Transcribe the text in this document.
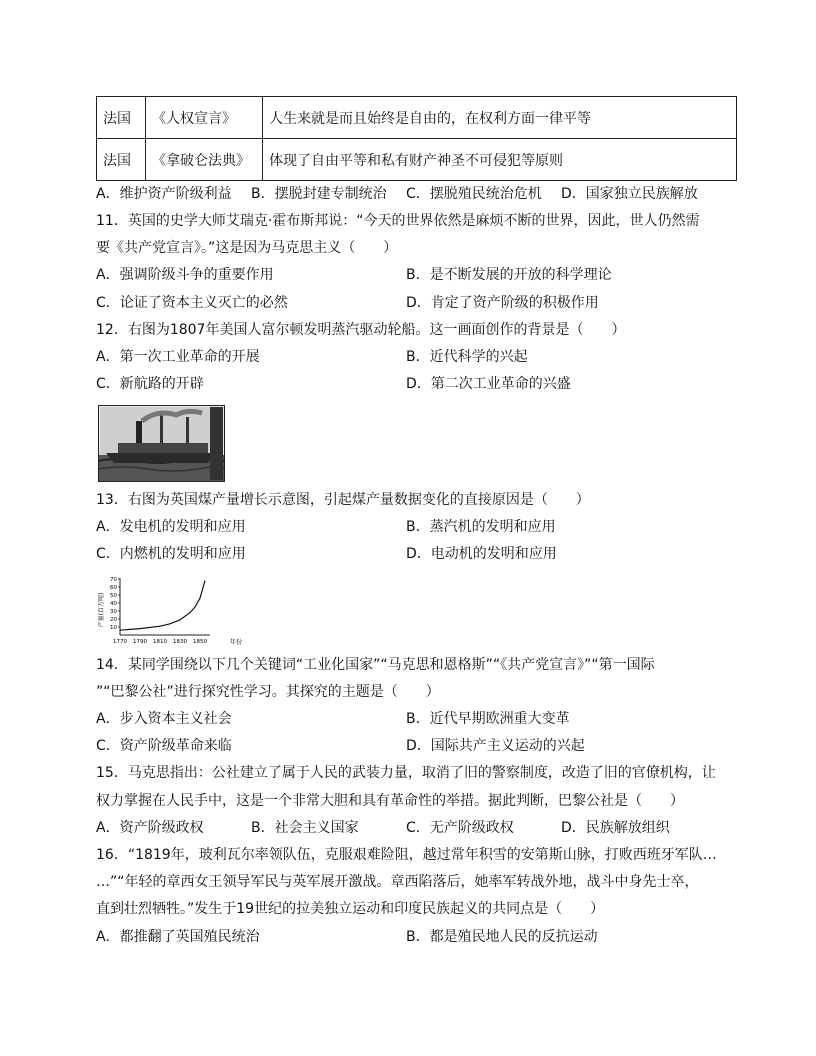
法国	《人权宣言》	人生来就是而且始终是自由的，在权利方面一律平等
法国	《拿破仑法典》	体现了自由平等和私有财产神圣不可侵犯等原则
A．维护资产阶级利益 B．摆脱封建专制统治 C．摆脱殖民统治危机 D．国家独立民族解放
11．英国的史学大师艾瑞克·霍布斯邦说：“今天的世界依然是麻烦不断的世界，因此，世人仍然需
要《共产党宣言》。”这是因为马克思主义（　　）
A．强调阶级斗争的重要作用	B．是不断发展的开放的科学理论
C．论证了资本主义灭亡的必然	D．肯定了资产阶级的积极作用
12．右图为1807年美国人富尔顿发明蒸汽驱动轮船。这一画面创作的背景是（　　）
A．第一次工业革命的开展	B．近代科学的兴起
C．新航路的开辟	D．第二次工业革命的兴盛
13．右图为英国煤产量增长示意图，引起煤产量数据变化的直接原因是（　　）
A．发电机的发明和应用	B．蒸汽机的发明和应用
C．内燃机的发明和应用	D．电动机的发明和应用
产量(百万吨)
10
20
30
40
50
60
70
1770 1790 1810 1830 1850	年份
14．某同学围绕以下几个关键词“工业化国家”“马克思和恩格斯”“《共产党宣言》”“第一国际
”“巴黎公社”进行探究性学习。其探究的主题是（　　）
A．步入资本主义社会	B．近代早期欧洲重大变革
C．资产阶级革命来临	D．国际共产主义运动的兴起
15．马克思指出：公社建立了属于人民的武装力量，取消了旧的警察制度，改造了旧的官僚机构，让
权力掌握在人民手中，这是一个非常大胆和具有革命性的举措。据此判断，巴黎公社是（　　）
A．资产阶级政权	B．社会主义国家	C．无产阶级政权	D．民族解放组织
16．“1819年，玻利瓦尔率领队伍，克服艰难险阻，越过常年积雪的安第斯山脉，打败西班牙军队…
…”“年轻的章西女王领导军民与英军展开激战。章西陷落后，她率军转战外地，战斗中身先士卒，
直到壮烈牺牲。”发生于19世纪的拉美独立运动和印度民族起义的共同点是（　　）
A．都推翻了英国殖民统治	B．都是殖民地人民的反抗运动
